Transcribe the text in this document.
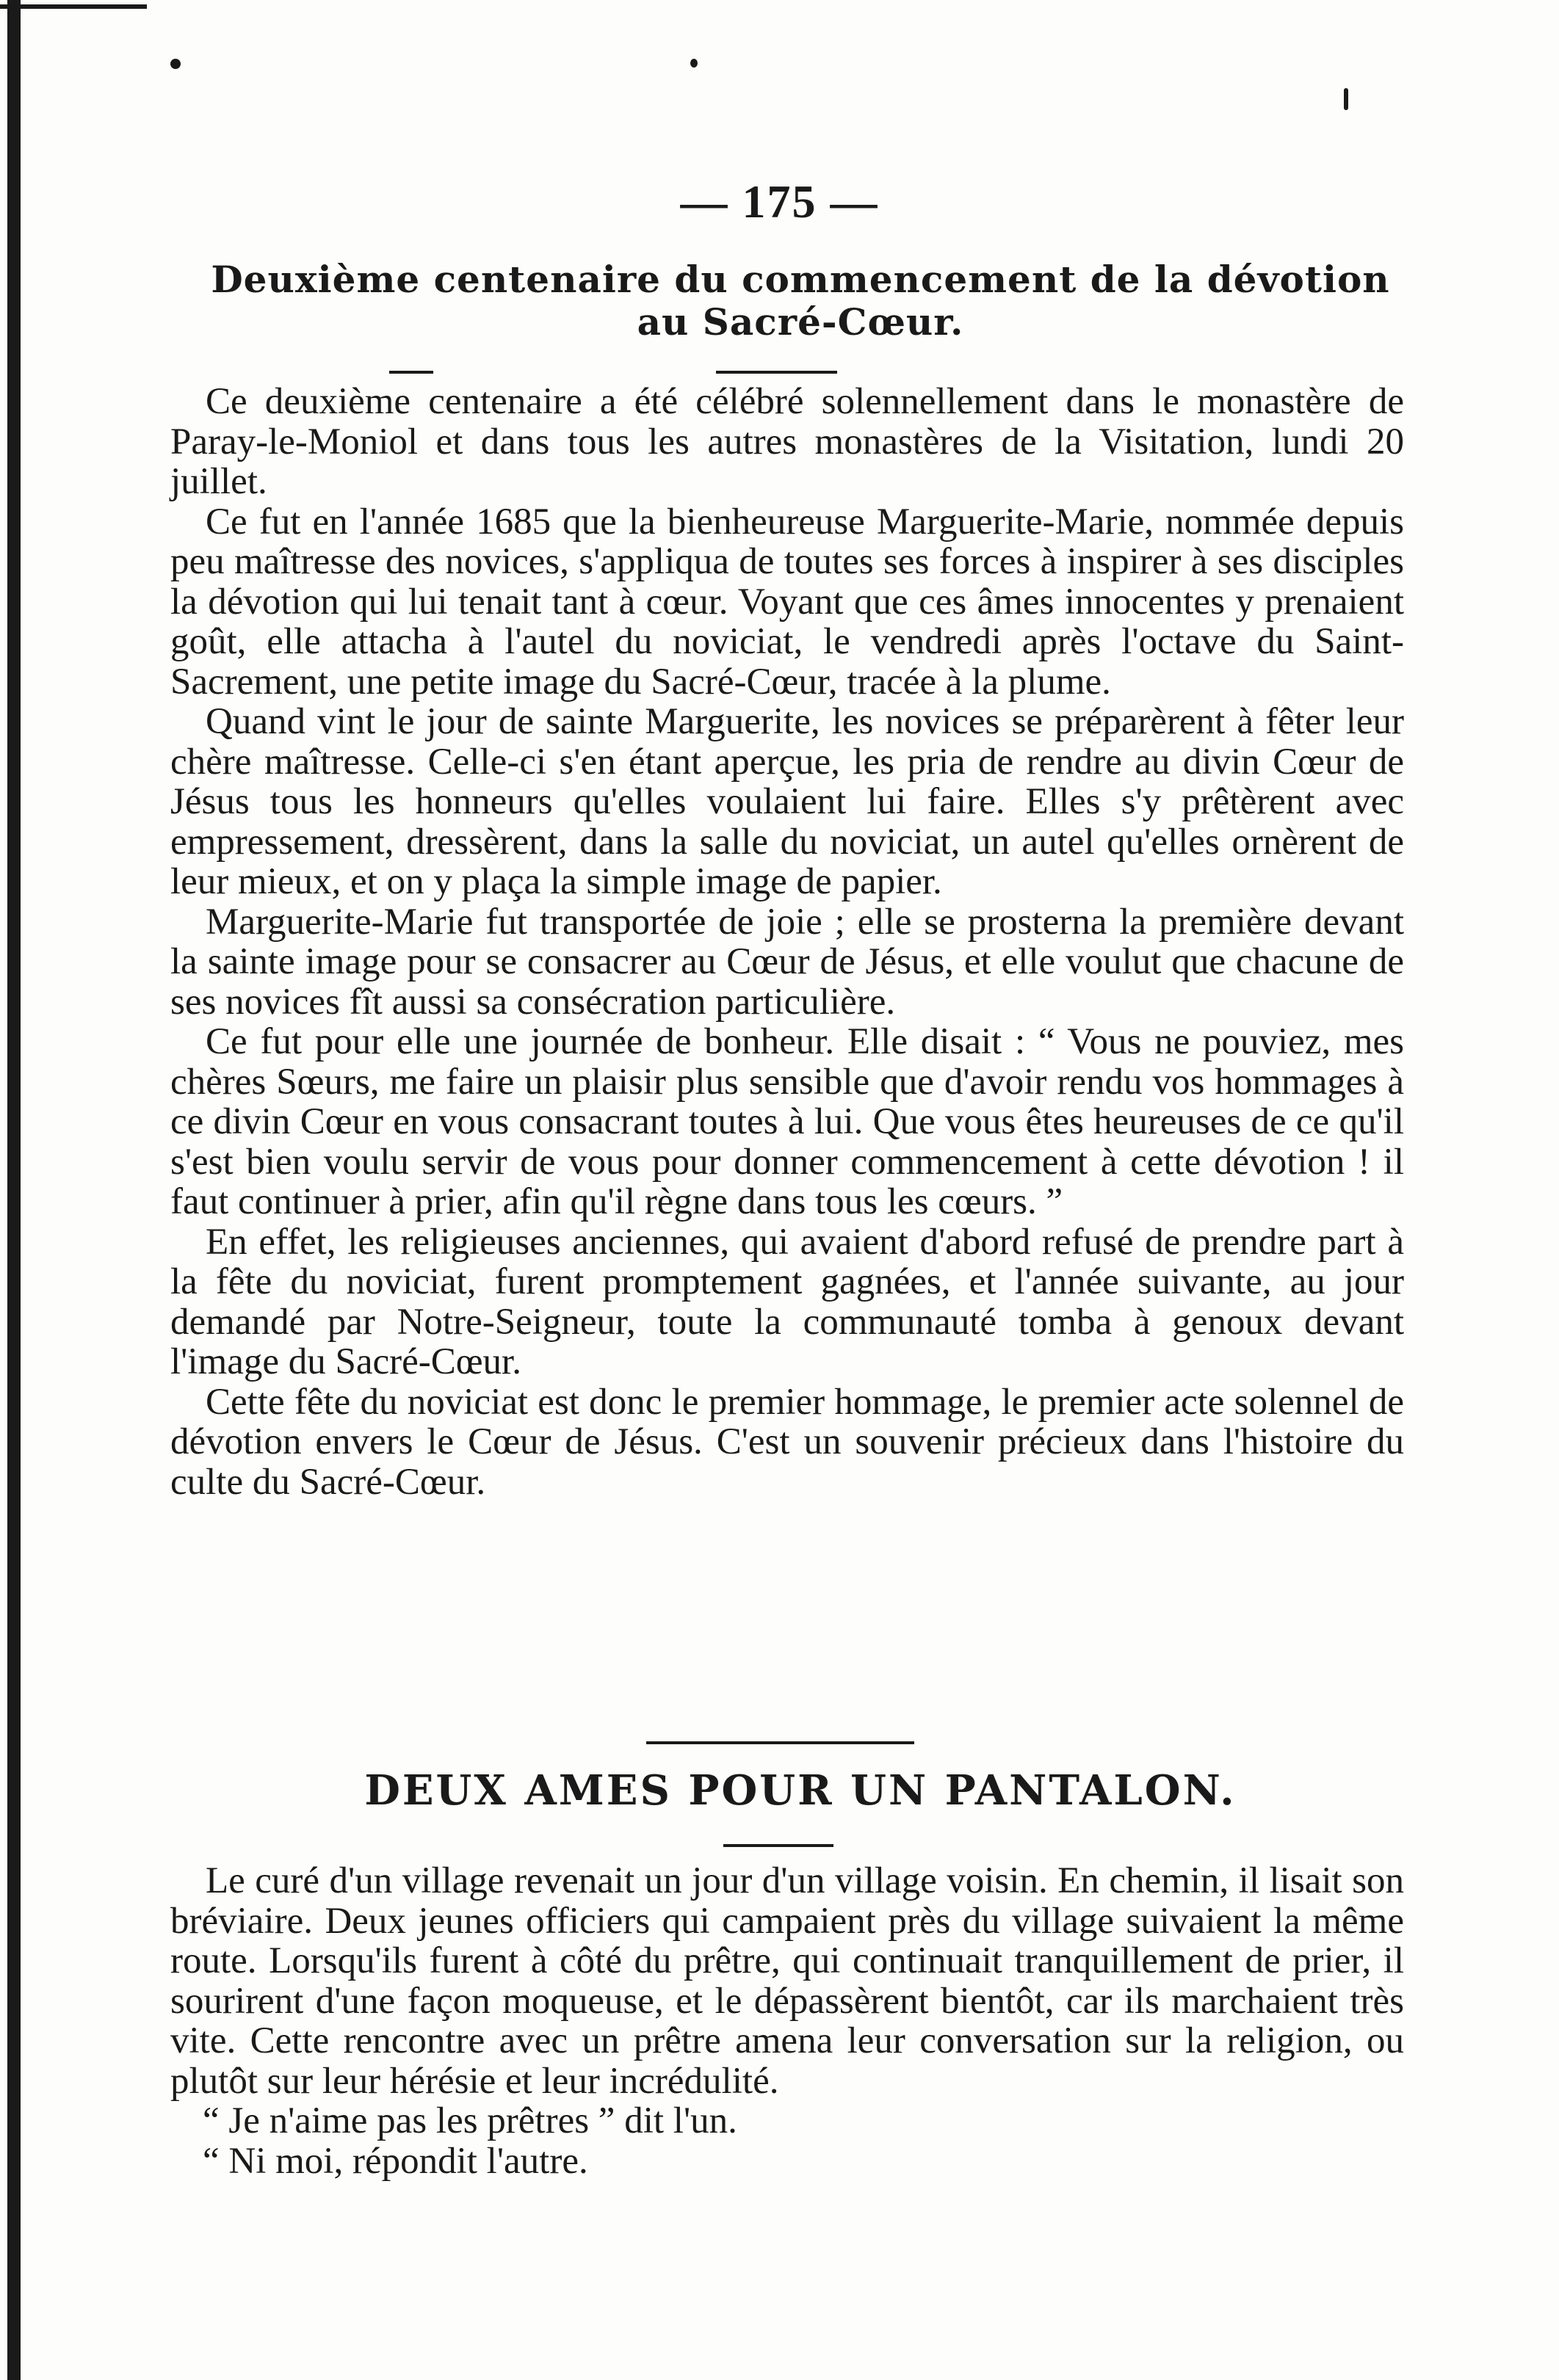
— 175 —
Deuxième centenaire du commencement de la dévotion au Sacré-Cœur.

Ce deuxième centenaire a été célébré solennellement dans le monastère de Paray-le-Moniol et dans tous les autres monastères de la Visitation, lundi 20 juillet.

Ce fut en l'année 1685 que la bienheureuse Marguerite-Marie, nommée depuis peu maîtresse des novices, s'appliqua de toutes ses forces à inspirer à ses disciples la dévotion qui lui tenait tant à cœur. Voyant que ces âmes innocentes y prenaient goût, elle attacha à l'autel du noviciat, le vendredi après l'octave du Saint-Sacrement, une petite image du Sacré-Cœur, tracée à la plume.

Quand vint le jour de sainte Marguerite, les novices se préparèrent à fêter leur chère maîtresse. Celle-ci s'en étant aperçue, les pria de rendre au divin Cœur de Jésus tous les honneurs qu'elles voulaient lui faire. Elles s'y prêtèrent avec empressement, dressèrent, dans la salle du noviciat, un autel qu'elles ornèrent de leur mieux, et on y plaça la simple image de papier.

Marguerite-Marie fut transportée de joie ; elle se prosterna la première devant la sainte image pour se consacrer au Cœur de Jésus, et elle voulut que chacune de ses novices fît aussi sa consécration particulière.

Ce fut pour elle une journée de bonheur. Elle disait : “ Vous ne pouviez, mes chères Sœurs, me faire un plaisir plus sensible que d'avoir rendu vos hommages à ce divin Cœur en vous consacrant toutes à lui. Que vous êtes heureuses de ce qu'il s'est bien voulu servir de vous pour donner commencement à cette dévotion ! il faut continuer à prier, afin qu'il règne dans tous les cœurs. ”

En effet, les religieuses anciennes, qui avaient d'abord refusé de prendre part à la fête du noviciat, furent promptement gagnées, et l'année suivante, au jour demandé par Notre-Seigneur, toute la communauté tomba à genoux devant l'image du Sacré-Cœur.

Cette fête du noviciat est donc le premier hommage, le premier acte solennel de dévotion envers le Cœur de Jésus. C'est un souvenir précieux dans l'histoire du culte du Sacré-Cœur.

DEUX AMES POUR UN PANTALON.

Le curé d'un village revenait un jour d'un village voisin. En chemin, il lisait son bréviaire. Deux jeunes officiers qui campaient près du village suivaient la même route. Lorsqu'ils furent à côté du prêtre, qui continuait tranquillement de prier, il sourirent d'une façon moqueuse, et le dépassèrent bientôt, car ils marchaient très vite. Cette rencontre avec un prêtre amena leur conversation sur la religion, ou plutôt sur leur hérésie et leur incrédulité.

“ Je n'aime pas les prêtres ” dit l'un.

“ Ni moi, répondit l'autre.
